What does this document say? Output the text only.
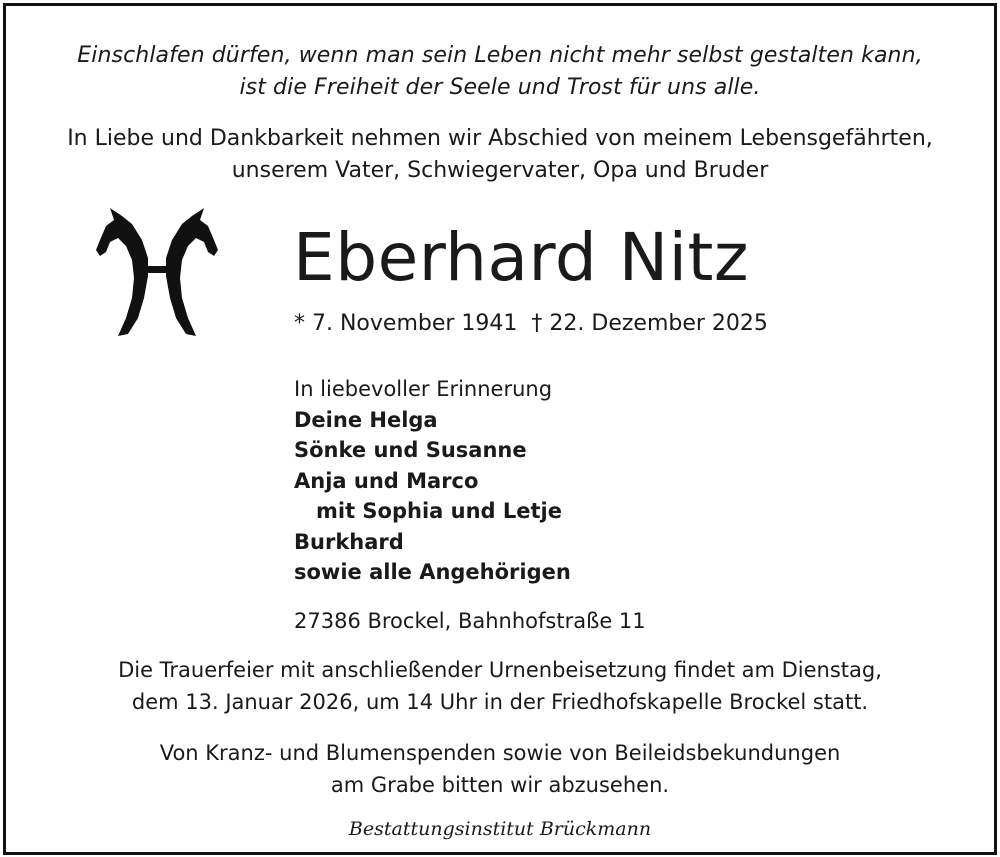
Einschlafen dürfen, wenn man sein Leben nicht mehr selbst gestalten kann,
ist die Freiheit der Seele und Trost für uns alle.
In Liebe und Dankbarkeit nehmen wir Abschied von meinem Lebensgefährten,
unserem Vater, Schwiegervater, Opa und Bruder
Eberhard Nitz
* 7. November 1941 † 22. Dezember 2025
In liebevoller Erinnerung
Deine Helga
Sönke und Susanne
Anja und Marco
mit Sophia und Letje
Burkhard
sowie alle Angehörigen
27386 Brockel, Bahnhofstraße 11
Die Trauerfeier mit anschließender Urnenbeisetzung findet am Dienstag,
dem 13. Januar 2026, um 14 Uhr in der Friedhofskapelle Brockel statt.
Von Kranz- und Blumenspenden sowie von Beileidsbekundungen
am Grabe bitten wir abzusehen.
Bestattungsinstitut Brückmann
